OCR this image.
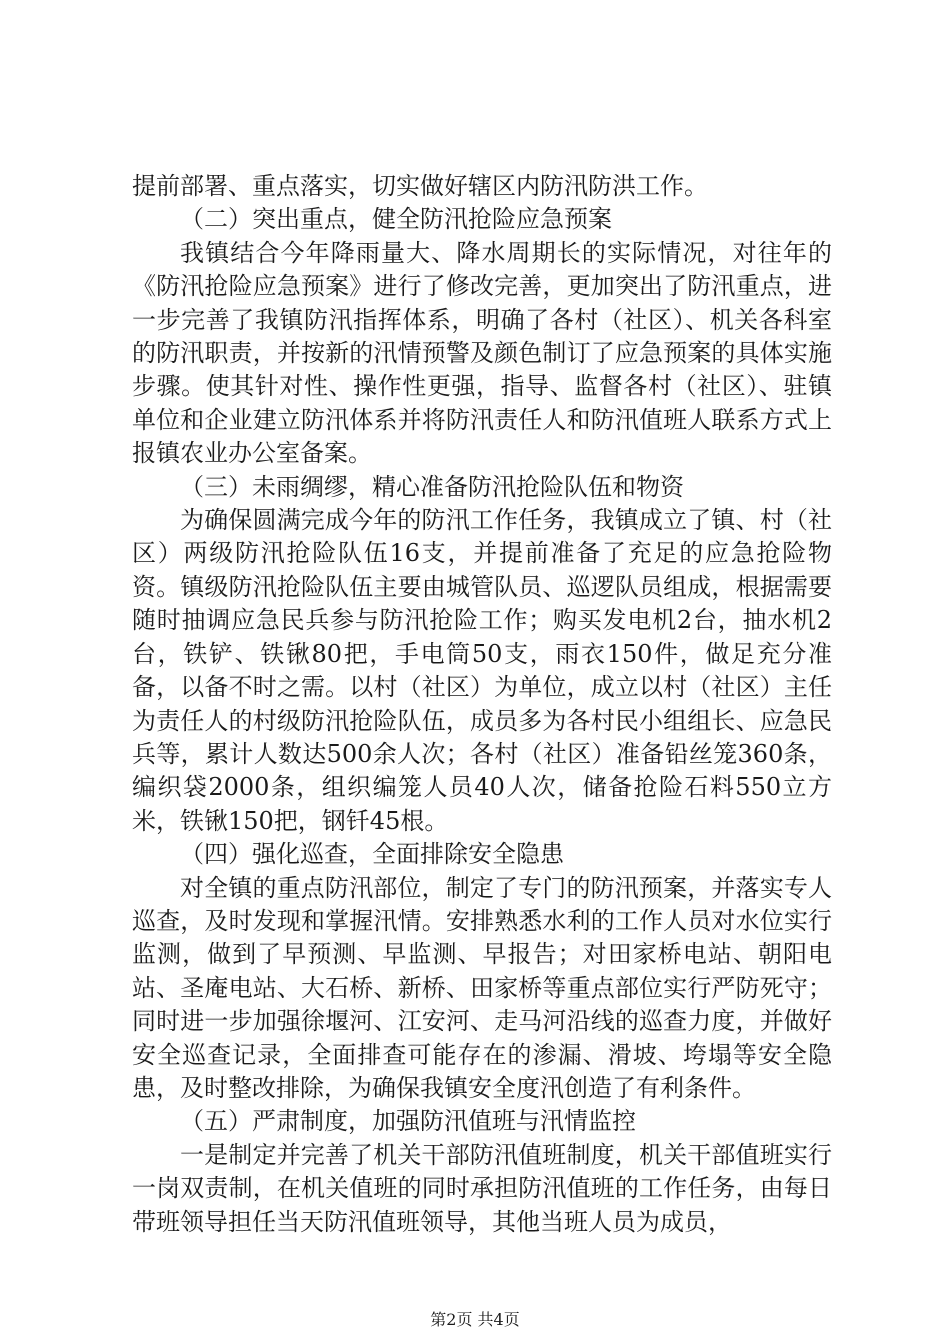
提前部署、重点落实，切实做好辖区内防汛防洪工作。

（二）突出重点，健全防汛抢险应急预案

我镇结合今年降雨量大、降水周期长的实际情况，对往年的《防汛抢险应急预案》进行了修改完善，更加突出了防汛重点，进一步完善了我镇防汛指挥体系，明确了各村（社区）、机关各科室的防汛职责，并按新的汛情预警及颜色制订了应急预案的具体实施步骤。使其针对性、操作性更强，指导、监督各村（社区）、驻镇单位和企业建立防汛体系并将防汛责任人和防汛值班人联系方式上报镇农业办公室备案。

（三）未雨绸缪，精心准备防汛抢险队伍和物资

为确保圆满完成今年的防汛工作任务，我镇成立了镇、村（社区）两级防汛抢险队伍16支，并提前准备了充足的应急抢险物资。镇级防汛抢险队伍主要由城管队员、巡逻队员组成，根据需要随时抽调应急民兵参与防汛抢险工作；购买发电机2台，抽水机2台，铁铲、铁锹80把，手电筒50支，雨衣150件，做足充分准备，以备不时之需。以村（社区）为单位，成立以村（社区）主任为责任人的村级防汛抢险队伍，成员多为各村民小组组长、应急民兵等，累计人数达500余人次；各村（社区）准备铅丝笼360条，编织袋2000条，组织编笼人员40人次，储备抢险石料550立方米，铁锹150把，钢钎45根。

（四）强化巡查，全面排除安全隐患

对全镇的重点防汛部位，制定了专门的防汛预案，并落实专人巡查，及时发现和掌握汛情。安排熟悉水利的工作人员对水位实行监测，做到了早预测、早监测、早报告；对田家桥电站、朝阳电站、圣庵电站、大石桥、新桥、田家桥等重点部位实行严防死守；同时进一步加强徐堰河、江安河、走马河沿线的巡查力度，并做好安全巡查记录，全面排查可能存在的渗漏、滑坡、垮塌等安全隐患，及时整改排除，为确保我镇安全度汛创造了有利条件。

（五）严肃制度，加强防汛值班与汛情监控

一是制定并完善了机关干部防汛值班制度，机关干部值班实行一岗双责制，在机关值班的同时承担防汛值班的工作任务，由每日带班领导担任当天防汛值班领导，其他当班人员为成员，

第2页 共4页
